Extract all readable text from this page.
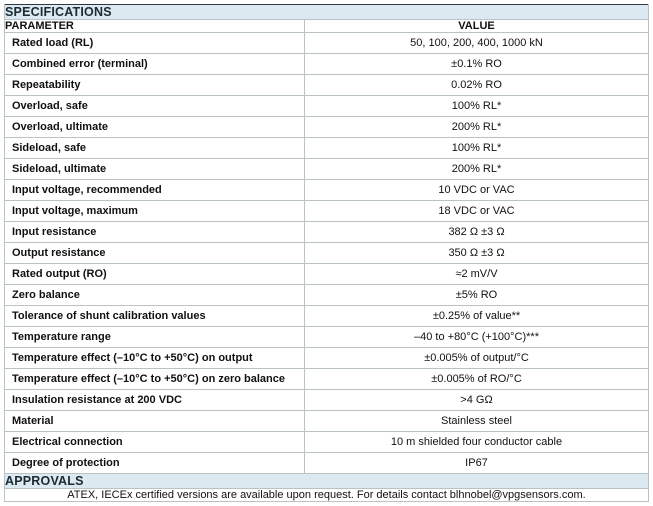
SPECIFICATIONS	
PARAMETER	VALUE
Rated load (RL)	50, 100, 200, 400, 1000 kN
Combined error (terminal)	±0.1% RO
Repeatability	0.02% RO
Overload, safe	100% RL*
Overload, ultimate	200% RL*
Sideload, safe	100% RL*
Sideload, ultimate	200% RL*
Input voltage, recommended	10 VDC or VAC
Input voltage, maximum	18 VDC or VAC
Input resistance	382 Ω ±3 Ω
Output resistance	350 Ω ±3 Ω
Rated output (RO)	≈2 mV/V
Zero balance	±5% RO
Tolerance of shunt calibration values	±0.25% of value**
Temperature range	–40 to +80°C (+100°C)***
Temperature effect (–10°C to +50°C) on output	±0.005% of output/°C
Temperature effect (–10°C to +50°C) on zero balance	±0.005% of RO/°C
Insulation resistance at 200 VDC	>4 GΩ
Material	Stainless steel
Electrical connection	10 m shielded four conductor cable
Degree of protection	IP67
APPROVALS	
ATEX, IECEx certified versions are available upon request. For details contact blhnobel@vpgsensors.com.	
